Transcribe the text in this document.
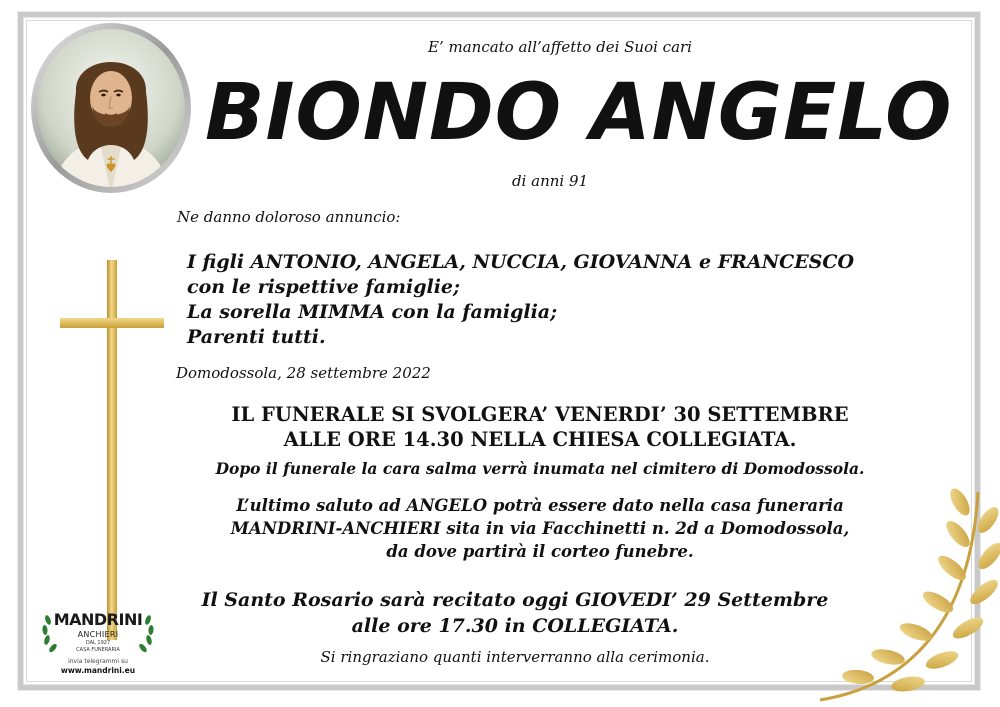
E’ mancato all’affetto dei Suoi cari
BIONDO ANGELO
di anni 91
Ne danno doloroso annuncio:
I figli ANTONIO, ANGELA, NUCCIA, GIOVANNA e FRANCESCO
con le rispettive famiglie;
La sorella MIMMA con la famiglia;
Parenti tutti.
Domodossola, 28 settembre 2022
IL FUNERALE SI SVOLGERA’ VENERDI’ 30 SETTEMBRE
ALLE ORE 14.30 NELLA CHIESA COLLEGIATA.
Dopo il funerale la cara salma verrà inumata nel cimitero di Domodossola.
L’ultimo saluto ad ANGELO potrà essere dato nella casa funeraria
MANDRINI-ANCHIERI sita in via Facchinetti n. 2d a Domodossola,
da dove partirà il corteo funebre.
Il Santo Rosario sarà recitato oggi GIOVEDI’ 29 Settembre
alle ore 17.30 in COLLEGIATA.
Si ringraziano quanti interverranno alla cerimonia.
MANDRINI
ANCHIERI
DAL 1927
CASA FUNERARIA
invia telegrammi su
www.mandrini.eu
